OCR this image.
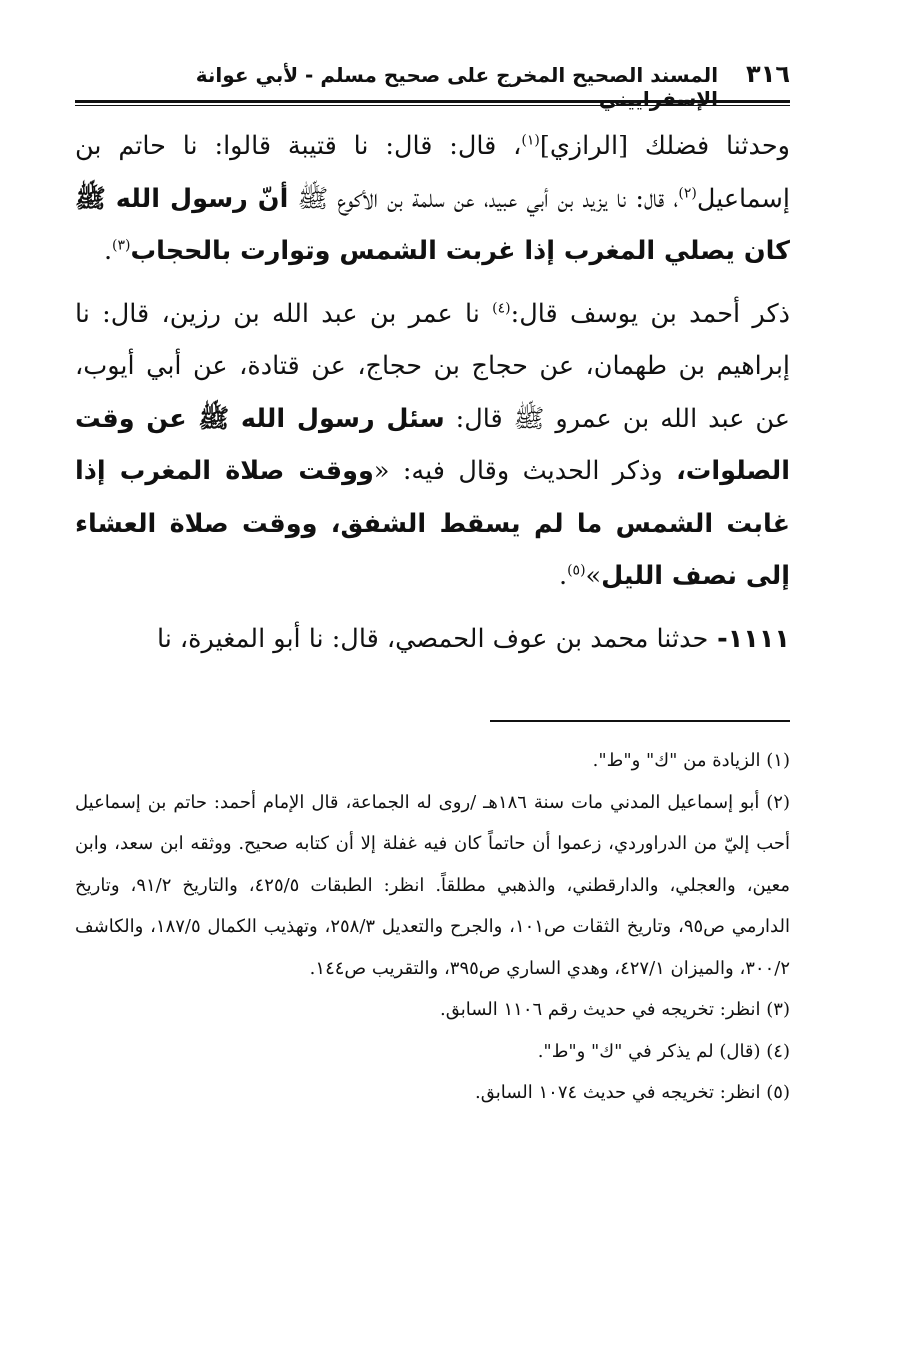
٣١٦
المسند الصحيح المخرج على صحيح مسلم - لأبي عوانة الإسفراييني

وحدثنا فضلك [الرازي]$^{(١)}$، قال: قال: نا قتيبة قالوا: نا حاتم بن إسماعيل$^{(٢)}$، قال: نا يزيد بن أبي عبيد، عن سلمة بن الأكوع ﷺ أنّ رسول الله ﷺ كان يصلي المغرب إذا غربت الشمس وتوارت بالحجاب$^{(٣)}$.

ذكر أحمد بن يوسف قال:$^{(٤)}$ نا عمر بن عبد الله بن رزين، قال: نا إبراهيم بن طهمان، عن حجاج بن حجاج، عن قتادة، عن أبي أيوب، عن عبد الله بن عمرو ﷺ قال: سئل رسول الله ﷺ عن وقت الصلوات، وذكر الحديث وقال فيه: «ووقت صلاة المغرب إذا غابت الشمس ما لم يسقط الشفق، ووقت صلاة العشاء إلى نصف الليل»$^{(٥)}$.

١١١١- حدثنا محمد بن عوف الحمصي، قال: نا أبو المغيرة، نا

(١) الزيادة من "ك" و"ط".

(٢) أبو إسماعيل المدني مات سنة ١٨٦هـ /روى له الجماعة، قال الإمام أحمد: حاتم بن إسماعيل أحب إليّ من الدراوردي، زعموا أن حاتماً كان فيه غفلة إلا أن كتابه صحيح. ووثقه ابن سعد، وابن معين، والعجلي، والدارقطني، والذهبي مطلقاً. انظر: الطبقات ٤٢٥/٥، والتاريخ ٩١/٢، وتاريخ الدارمي ص٩٥، وتاريخ الثقات ص١٠١، والجرح والتعديل ٢٥٨/٣، وتهذيب الكمال ١٨٧/٥، والكاشف ٣٠٠/٢، والميزان ٤٢٧/١، وهدي الساري ص٣٩٥، والتقريب ص١٤٤.

(٣) انظر: تخريجه في حديث رقم ١١٠٦ السابق.

(٤) (قال) لم يذكر في "ك" و"ط".

(٥) انظر: تخريجه في حديث ١٠٧٤ السابق.
